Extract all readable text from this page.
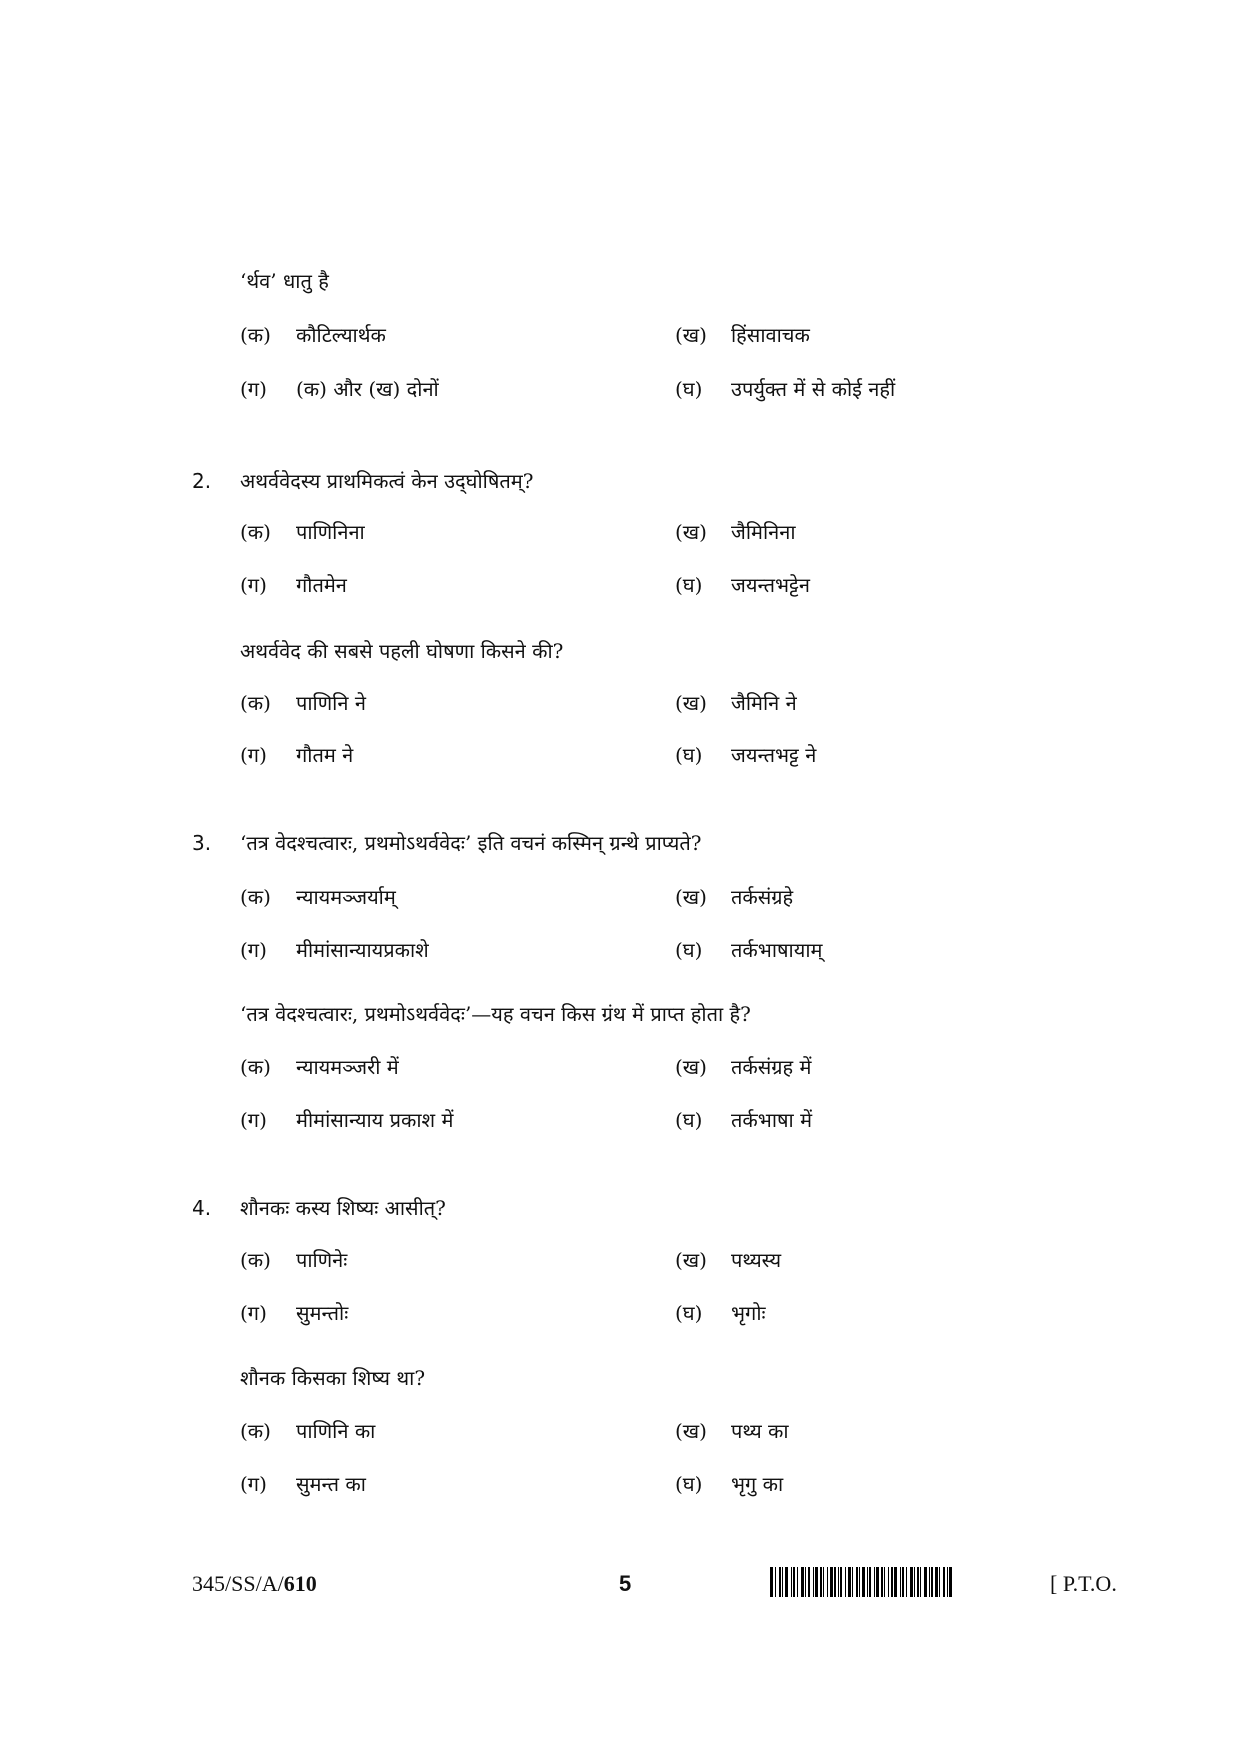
‘र्थव’ धातु है
(क) कौटिल्यार्थक	(ख) हिंसावाचक
(ग) (क) और (ख) दोनों	(घ) उपर्युक्त में से कोई नहीं
2. अथर्ववेदस्य प्राथमिकत्वं केन उद्‌घोषितम्?
(क) पाणिनिना	(ख) जैमिनिना
(ग) गौतमेन	(घ) जयन्तभट्टेन
अथर्ववेद की सबसे पहली घोषणा किसने की?
(क) पाणिनि ने	(ख) जैमिनि ने
(ग) गौतम ने	(घ) जयन्तभट्ट ने
3. ‘तत्र वेदश्चत्वारः, प्रथमोऽथर्ववेदः’ इति वचनं कस्मिन् ग्रन्थे प्राप्यते?
(क) न्यायमञ्जर्याम्	(ख) तर्कसंग्रहे
(ग) मीमांसान्यायप्रकाशे	(घ) तर्कभाषायाम्
‘तत्र वेदश्चत्वारः, प्रथमोऽथर्ववेदः’—यह वचन किस ग्रंथ में प्राप्त होता है?
(क) न्यायमञ्जरी में	(ख) तर्कसंग्रह में
(ग) मीमांसान्याय प्रकाश में	(घ) तर्कभाषा में
4. शौनकः कस्य शिष्यः आसीत्?
(क) पाणिनेः	(ख) पथ्यस्य
(ग) सुमन्तोः	(घ) भृगोः
शौनक किसका शिष्य था?
(क) पाणिनि का	(ख) पथ्य का
(ग) सुमन्त का	(घ) भृगु का
345/SS/A/610	5	[ P.T.O.
